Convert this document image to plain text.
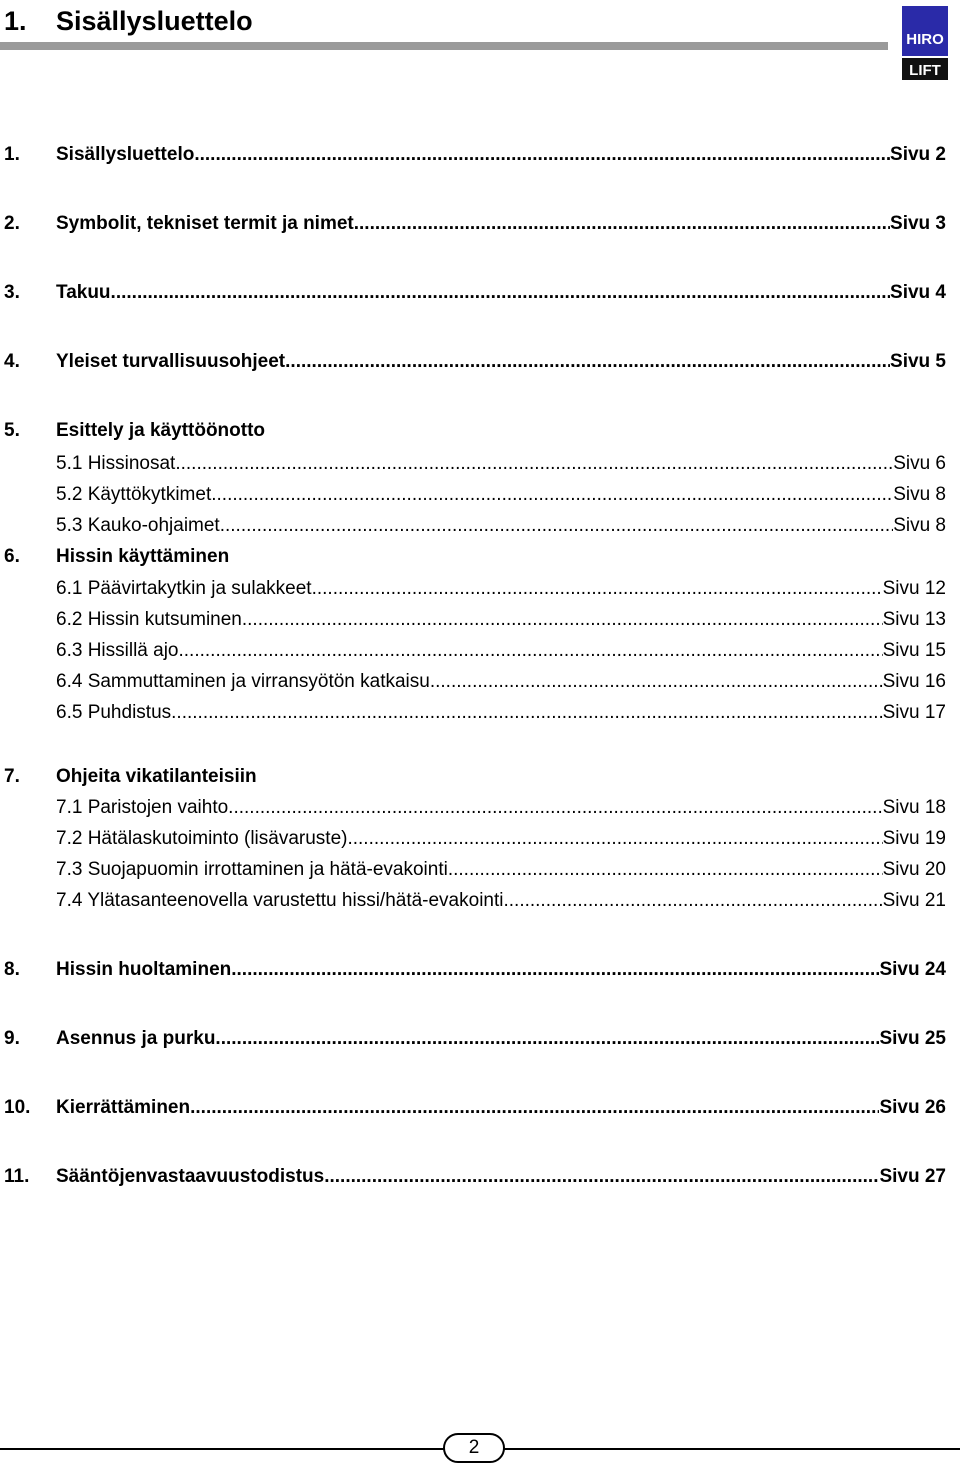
1. Sisällysluettelo
HIRO
LIFT
1.	Sisällysluettelo .....	Sivu 2
2.	Symbolit, tekniset termit ja nimet .....	Sivu 3
3.	Takuu .....	Sivu 4
4.	Yleiset turvallisuusohjeet .....	Sivu 5
5.	Esittely ja käyttöönotto
5.1 Hissinosat. .....	Sivu 6
5.2 Käyttökytkimet .....	Sivu 8
5.3 Kauko-ohjaimet .....	Sivu 8
6.	Hissin käyttäminen
6.1 Päävirtakytkin ja sulakkeet .....	Sivu 12
6.2 Hissin kutsuminen .....	Sivu 13
6.3 Hissillä ajo .....	Sivu 15
6.4 Sammuttaminen ja virransyötön katkaisu .....	Sivu 16
6.5 Puhdistus .....	Sivu 17
7.	Ohjeita vikatilanteisiin
7.1 Paristojen vaihto .....	Sivu 18
7.2 Hätälaskutoiminto (lisävaruste) .....	Sivu 19
7.3 Suojapuomin irrottaminen ja hätä-evakointi .....	Sivu 20
7.4 Ylätasanteenovella varustettu hissi/hätä-evakointi .....	Sivu 21
8.	Hissin huoltaminen .....	Sivu 24
9.	Asennus ja purku .....	Sivu 25
10.	Kierrättäminen .....	Sivu 26
11.	Sääntöjenvastaavuustodistus .....	Sivu 27
2
